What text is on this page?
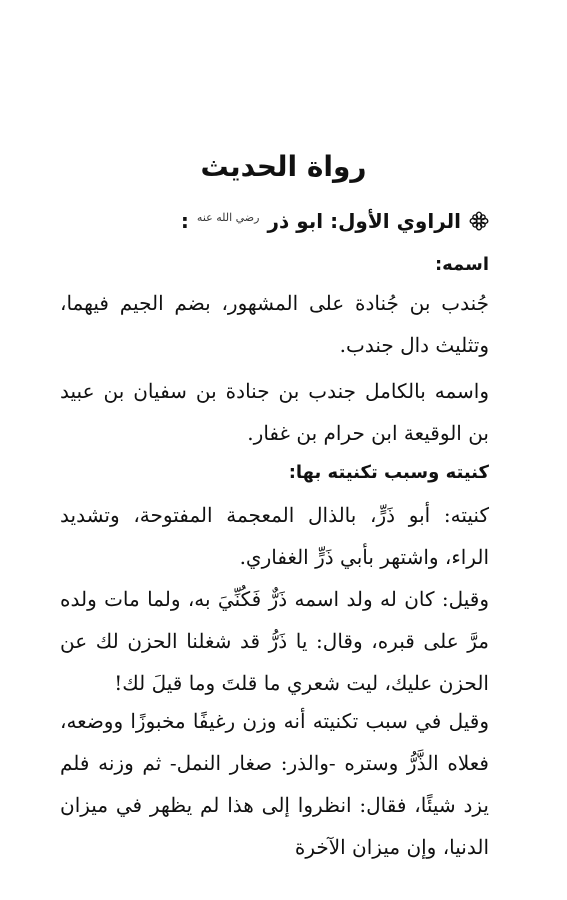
رواة الحديث
الراوي الأول: ابو ذر
رضي الله عنه
:
اسمه:
جُندب بن جُنادة على المشهور، بضم الجيم فيهما، وتثليث دال جندب.
واسمه بالكامل جندب بن جنادة بن سفيان بن عبيد بن الوقيعة ابن حرام بن غفار.
كنيته وسبب تكنيته بها:
كنيته: أبو ذَرٍّ، بالذال المعجمة المفتوحة، وتشديد الراء، واشتهر بأبي ذَرٍّ الغفاري.
وقيل: كان له ولد اسمه ذَرٌّ فَكُنِّيَ به، ولما مات ولده مرَّ على قبره، وقال: يا ذَرُّ قد شغلنا الحزن لك عن الحزن عليك، ليت شعري ما قلتَ وما قيلَ لك!
وقيل في سبب تكنيته أنه وزن رغيفًا مخبوزًا ووضعه، فعلاه الذَّرُّ وستره -والذر: صغار النمل- ثم وزنه فلم يزد شيئًا، فقال: انظروا إلى هذا لم يظهر في ميزان الدنيا، وإن ميزان الآخرة
